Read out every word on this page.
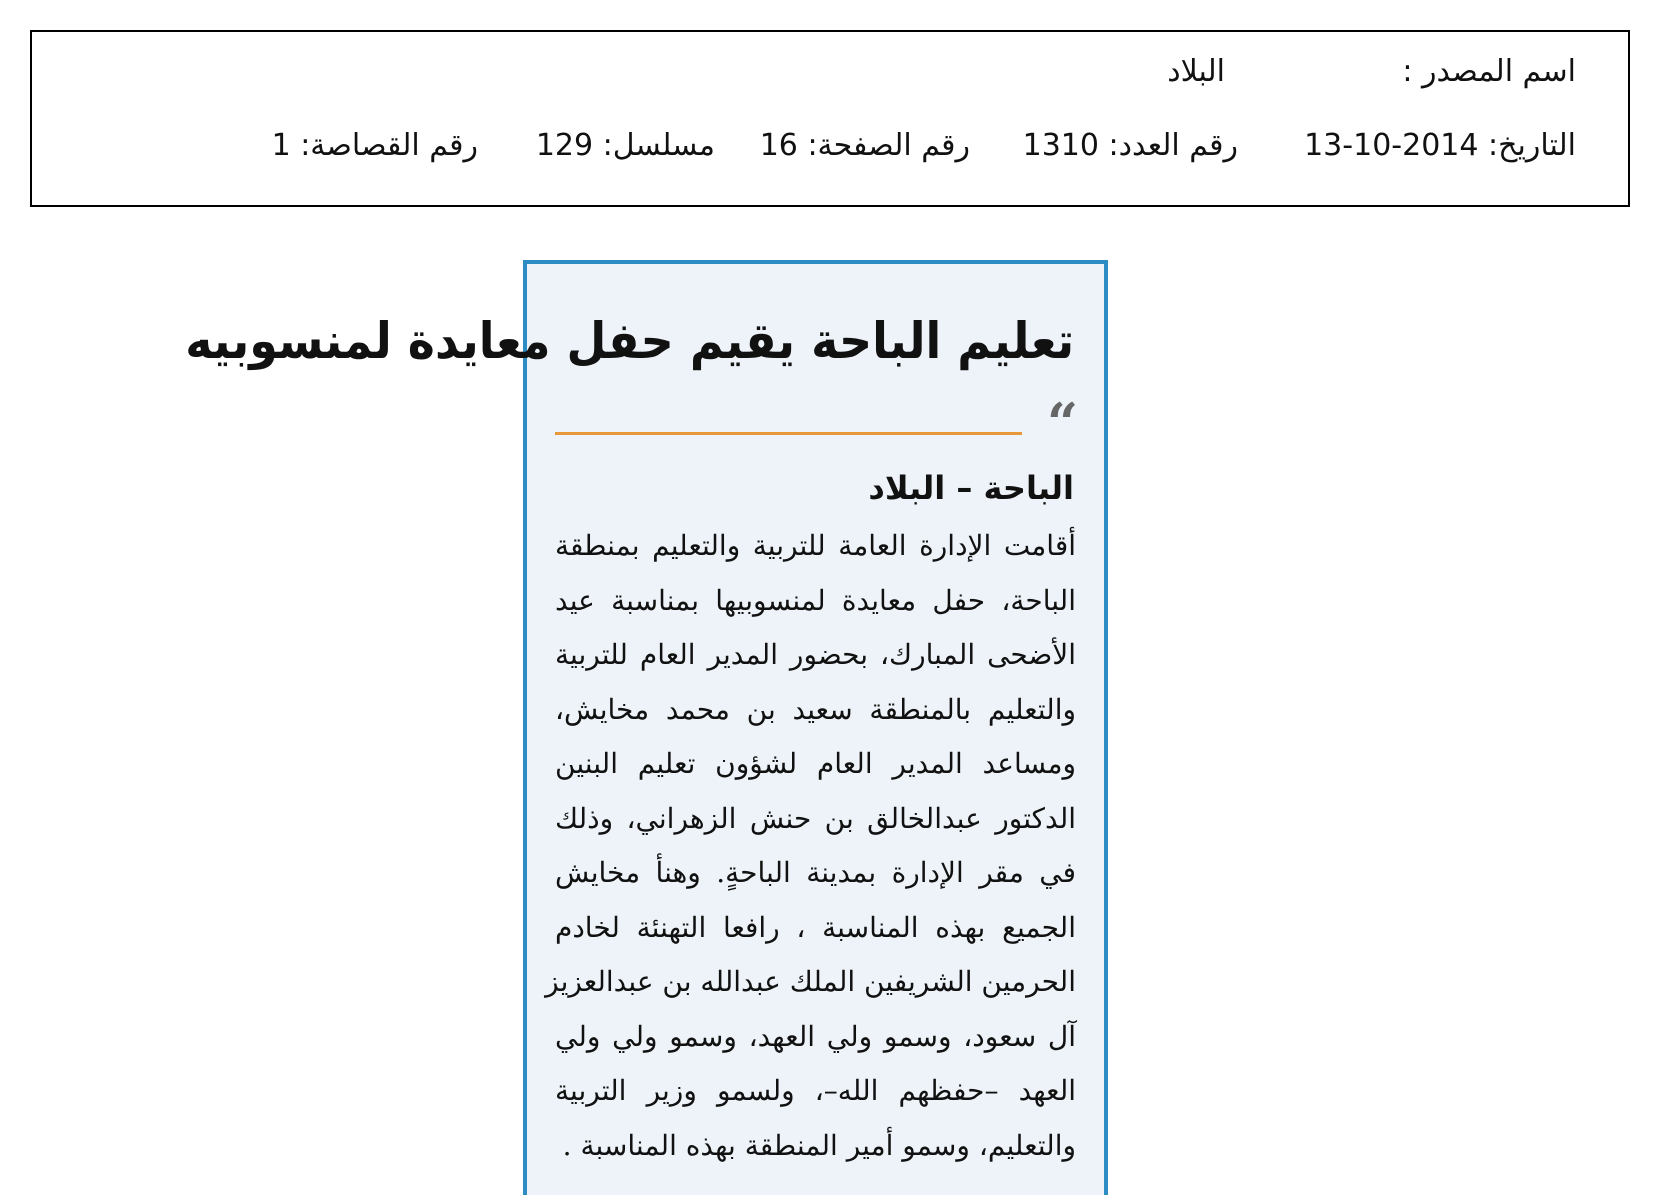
اسم المصدر :
البلاد
التاريخ: 2014-10-13
رقم العدد: 1310
رقم الصفحة: 16
مسلسل: 129
رقم القصاصة: 1
تعليم الباحة يقيم حفل معايدة لمنسوبيه
“
الباحة – البلاد
أقامت الإدارة العامة للتربية والتعليم بمنطقة
الباحة، حفل معايدة لمنسوبيها بمناسبة عيد
الأضحى المبارك، بحضور المدير العام للتربية
والتعليم بالمنطقة سعيد بن محمد مخايش،
ومساعد المدير العام لشؤون تعليم البنين
الدكتور عبدالخالق بن حنش الزهراني، وذلك
في مقر الإدارة بمدينة الباحةٍ. وهنأ مخايش
الجميع بهذه المناسبة ، رافعا التهنئة لخادم
الحرمين الشريفين الملك عبدالله بن عبدالعزيز
آل سعود، وسمو ولي العهد، وسمو ولي ولي
العهد –حفظهم الله–، ولسمو وزير التربية
والتعليم، وسمو أمير المنطقة بهذه المناسبة .
